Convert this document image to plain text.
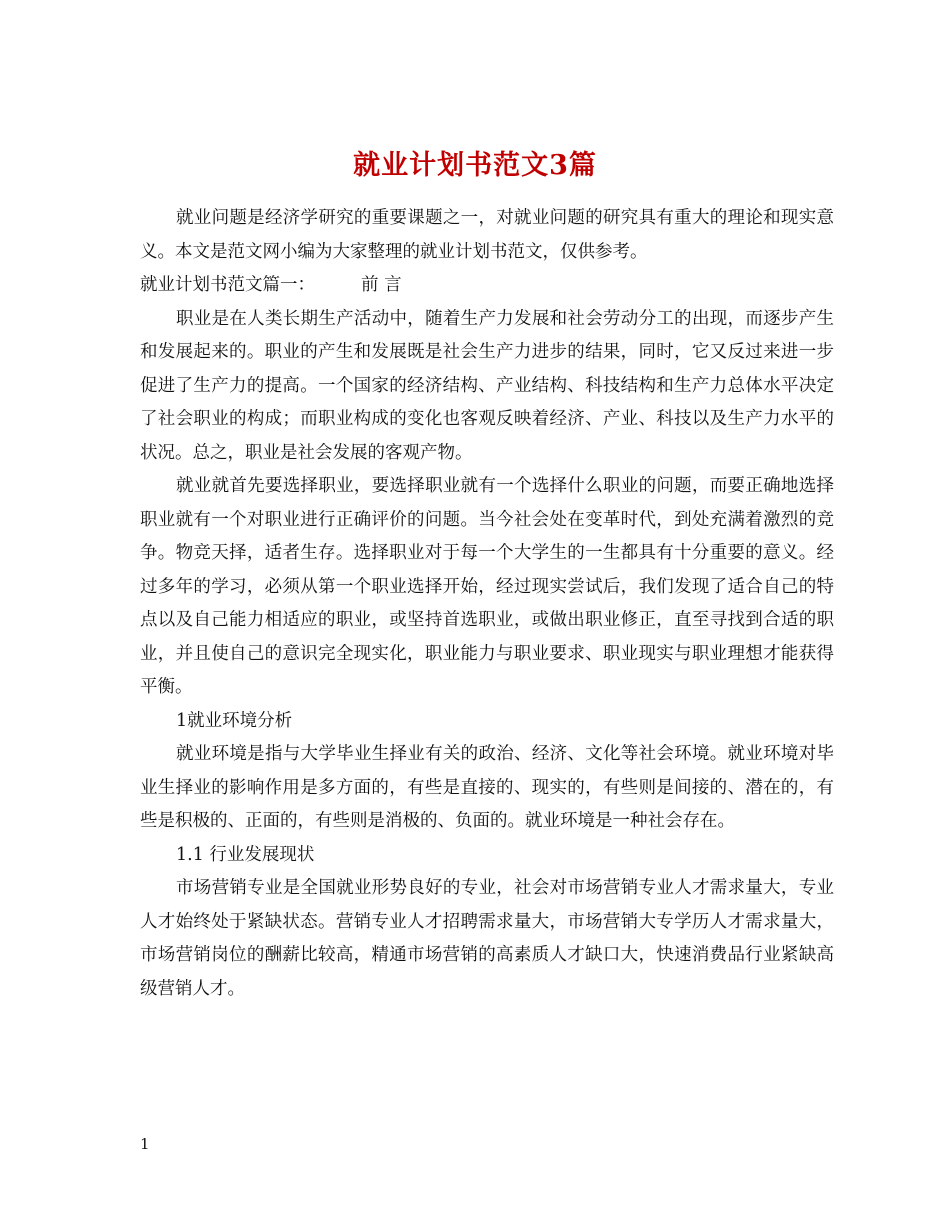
就业计划书范文3篇

就业问题是经济学研究的重要课题之一，对就业问题的研究具有重大的理论和现实意义。本文是范文网小编为大家整理的就业计划书范文，仅供参考。

就业计划书范文篇一：	前 言

职业是在人类长期生产活动中，随着生产力发展和社会劳动分工的出现，而逐步产生和发展起来的。职业的产生和发展既是社会生产力进步的结果，同时，它又反过来进一步促进了生产力的提高。一个国家的经济结构、产业结构、科技结构和生产力总体水平决定了社会职业的构成；而职业构成的变化也客观反映着经济、产业、科技以及生产力水平的状况。总之，职业是社会发展的客观产物。

就业就首先要选择职业，要选择职业就有一个选择什么职业的问题，而要正确地选择职业就有一个对职业进行正确评价的问题。当今社会处在变革时代，到处充满着激烈的竞争。物竞天择，适者生存。选择职业对于每一个大学生的一生都具有十分重要的意义。经过多年的学习，必须从第一个职业选择开始，经过现实尝试后，我们发现了适合自己的特点以及自己能力相适应的职业，或坚持首选职业，或做出职业修正，直至寻找到合适的职业，并且使自己的意识完全现实化，职业能力与职业要求、职业现实与职业理想才能获得平衡。

1就业环境分析

就业环境是指与大学毕业生择业有关的政治、经济、文化等社会环境。就业环境对毕业生择业的影响作用是多方面的，有些是直接的、现实的，有些则是间接的、潜在的，有些是积极的、正面的，有些则是消极的、负面的。就业环境是一种社会存在。

1.1 行业发展现状

市场营销专业是全国就业形势良好的专业，社会对市场营销专业人才需求量大，专业人才始终处于紧缺状态。营销专业人才招聘需求量大，市场营销大专学历人才需求量大，市场营销岗位的酬薪比较高，精通市场营销的高素质人才缺口大，快速消费品行业紧缺高级营销人才。

1
